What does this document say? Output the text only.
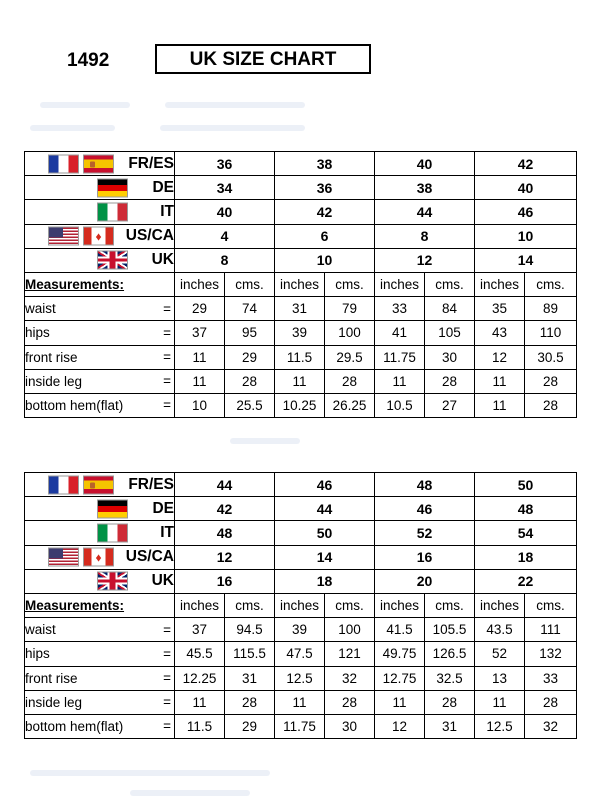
1492	UK SIZE CHART
FR/ES	36		38		40		42	

DE	34		36		38		40	

IT	40		42		44		46	

♦
US/CA	4		6		8		10	

UK	8		10		12		14	
Measurements:	inches	cms.	inches	cms.	inches	cms.	inches	cms.
waist =	29	74	31	79	33	84	35	89
hips =	37	95	39	100	41	105	43	110
front rise =	11	29	11.5	29.5	11.75	30	12	30.5
inside leg =	11	28	11	28	11	28	11	28
bottom hem(flat) =	10	25.5	10.25	26.25	10.5	27	11	28
FR/ES	44		46		48		50	

DE	42		44		46		48	

IT	48		50		52		54	

♦
US/CA	12		14		16		18	

UK	16		18		20		22	
Measurements:	inches	cms.	inches	cms.	inches	cms.	inches	cms.
waist =	37	94.5	39	100	41.5	105.5	43.5	111
hips =	45.5	115.5	47.5	121	49.75	126.5	52	132
front rise =	12.25	31	12.5	32	12.75	32.5	13	33
inside leg =	11	28	11	28	11	28	11	28
bottom hem(flat) =	11.5	29	11.75	30	12	31	12.5	32
